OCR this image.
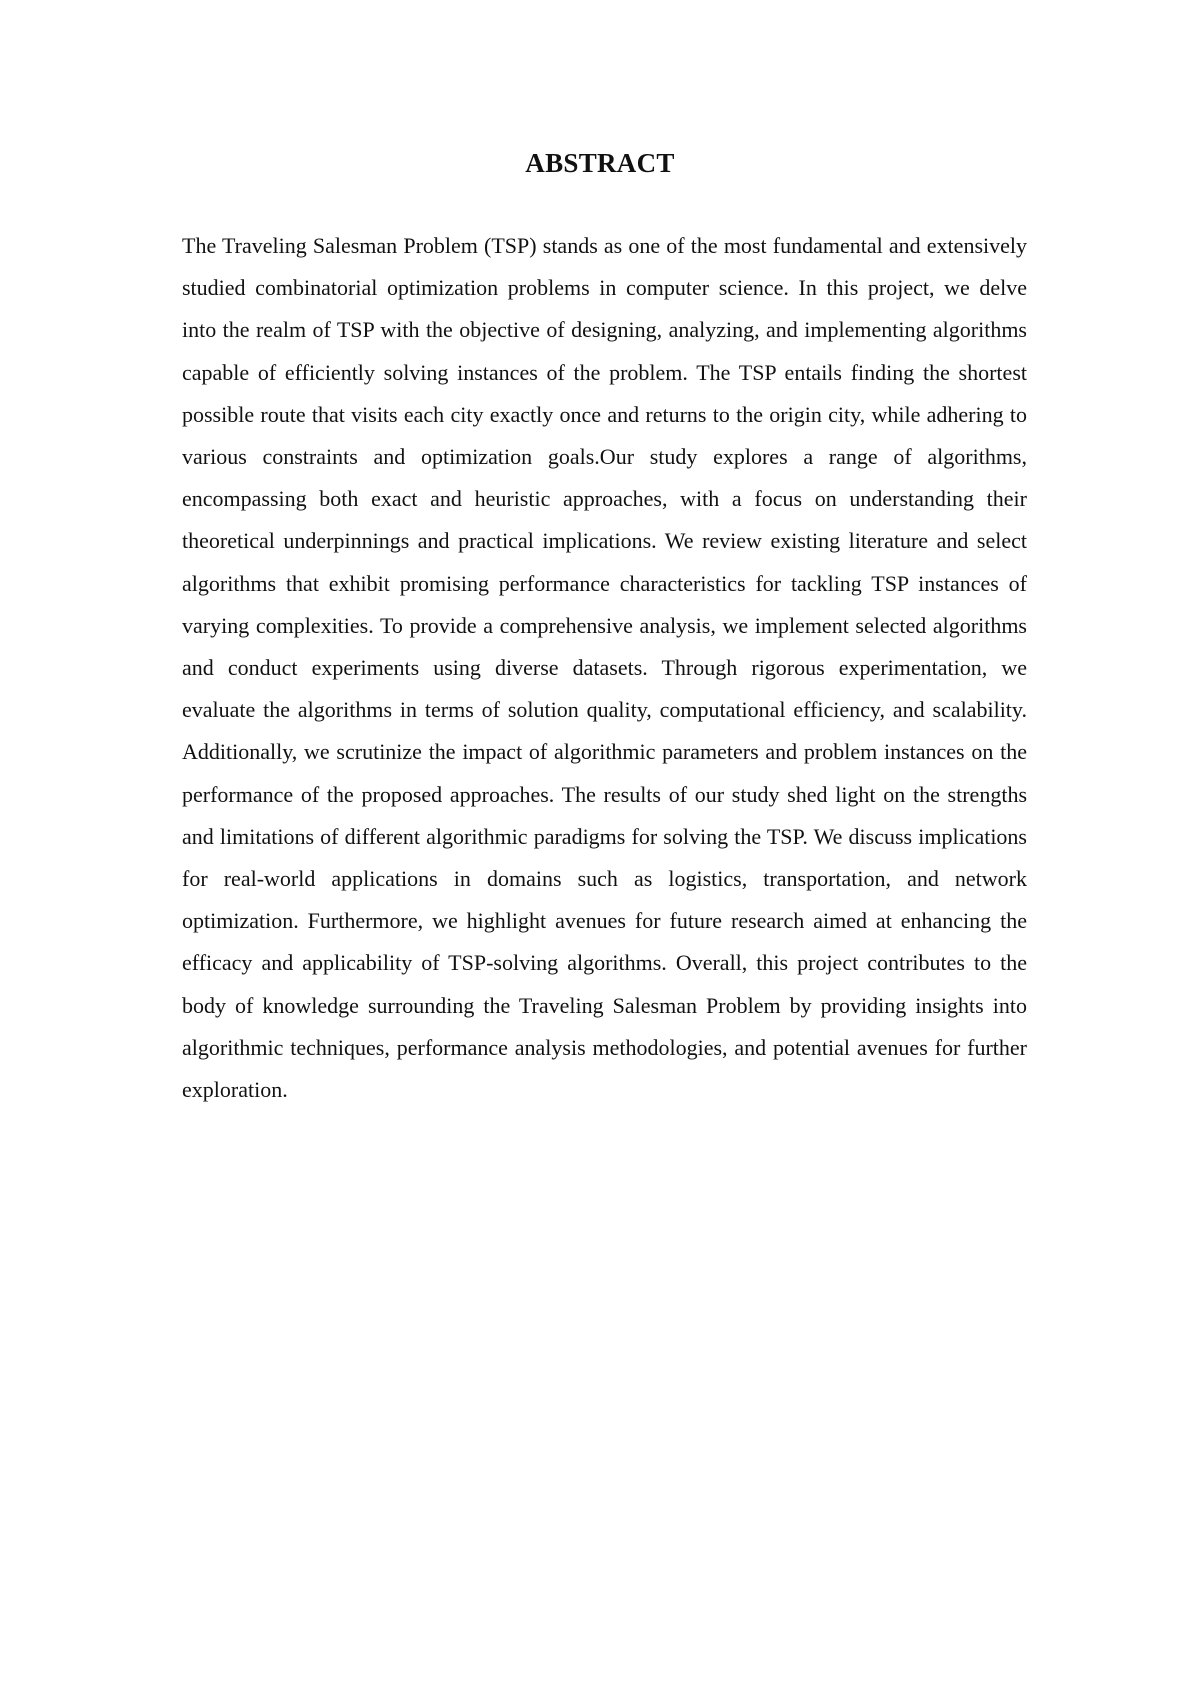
ABSTRACT

The Traveling Salesman Problem (TSP) stands as one of the most fundamental and extensively studied combinatorial optimization problems in computer science. In this project, we delve into the realm of TSP with the objective of designing, analyzing, and implementing algorithms capable of efficiently solving instances of the problem. The TSP entails finding the shortest possible route that visits each city exactly once and returns to the origin city, while adhering to various constraints and optimization goals.Our study explores a range of algorithms, encompassing both exact and heuristic approaches, with a focus on understanding their theoretical underpinnings and practical implications. We review existing literature and select algorithms that exhibit promising performance characteristics for tackling TSP instances of varying complexities. To provide a comprehensive analysis, we implement selected algorithms and conduct experiments using diverse datasets. Through rigorous experimentation, we evaluate the algorithms in terms of solution quality, computational efficiency, and scalability. Additionally, we scrutinize the impact of algorithmic parameters and problem instances on the performance of the proposed approaches. The results of our study shed light on the strengths and limitations of different algorithmic paradigms for solving the TSP. We discuss implications for real-world applications in domains such as logistics, transportation, and network optimization. Furthermore, we highlight avenues for future research aimed at enhancing the efficacy and applicability of TSP-solving algorithms. Overall, this project contributes to the body of knowledge surrounding the Traveling Salesman Problem by providing insights into algorithmic techniques, performance analysis methodologies, and potential avenues for further exploration.
